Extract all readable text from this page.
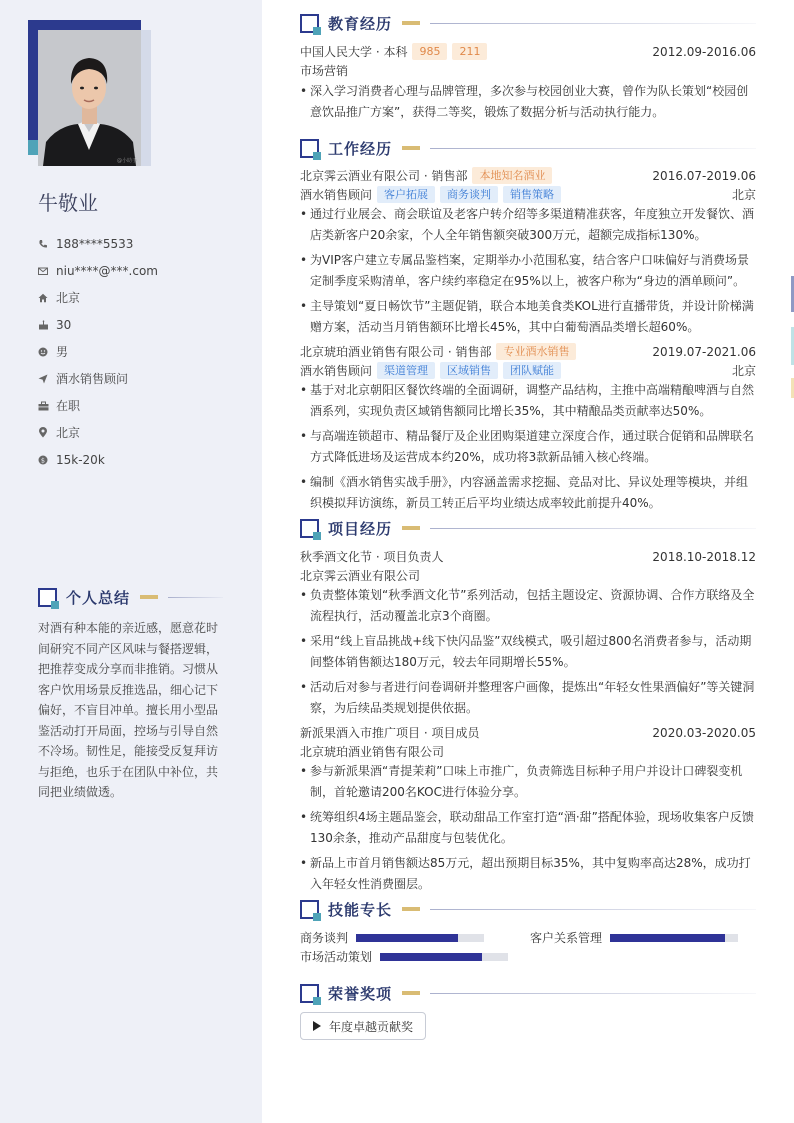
@小助手
牛敬业
188****5533
niu****@***.com
北京
30
男
酒水销售顾问
在职
北京
$ 15k-20k
个人总结
对酒有种本能的亲近感，愿意花时间研究不同产区风味与餐搭逻辑，把推荐变成分享而非推销。习惯从客户饮用场景反推选品，细心记下偏好，不盲目冲单。擅长用小型品鉴活动打开局面，控场与引导自然不冷场。韧性足，能接受反复拜访与拒绝，也乐于在团队中补位，共同把业绩做透。
教育经历
中国人民大学 · 本科	985	211	2012.09-2016.06
市场营销
• 深入学习消费者心理与品牌管理，多次参与校园创业大赛，曾作为队长策划“校园创意饮品推广方案”，获得二等奖，锻炼了数据分析与活动执行能力。
工作经历
北京霁云酒业有限公司 · 销售部	本地知名酒业	2016.07-2019.06
酒水销售顾问	客户拓展	商务谈判	销售策略	北京
• 通过行业展会、商会联谊及老客户转介绍等多渠道精准获客，年度独立开发餐饮、酒店类新客户20余家，个人全年销售额突破300万元，超额完成指标130%。
• 为VIP客户建立专属品鉴档案，定期举办小范围私宴，结合客户口味偏好与消费场景定制季度采购清单，客户续约率稳定在95%以上，被客户称为“身边的酒单顾问”。
• 主导策划“夏日畅饮节”主题促销，联合本地美食类KOL进行直播带货，并设计阶梯满赠方案，活动当月销售额环比增长45%，其中白葡萄酒品类增长超60%。
北京琥珀酒业销售有限公司 · 销售部	专业酒水销售	2019.07-2021.06
酒水销售顾问	渠道管理	区域销售	团队赋能	北京
• 基于对北京朝阳区餐饮终端的全面调研，调整产品结构，主推中高端精酿啤酒与自然酒系列，实现负责区域销售额同比增长35%，其中精酿品类贡献率达50%。
• 与高端连锁超市、精品餐厅及企业团购渠道建立深度合作，通过联合促销和品牌联名方式降低进场及运营成本约20%，成功将3款新品铺入核心终端。
• 编制《酒水销售实战手册》，内容涵盖需求挖掘、竞品对比、异议处理等模块，并组织模拟拜访演练，新员工转正后平均业绩达成率较此前提升40%。
项目经历
秋季酒文化节 · 项目负责人	2018.10-2018.12
北京霁云酒业有限公司
• 负责整体策划“秋季酒文化节”系列活动，包括主题设定、资源协调、合作方联络及全流程执行，活动覆盖北京3个商圈。
• 采用“线上盲品挑战+线下快闪品鉴”双线模式，吸引超过800名消费者参与，活动期间整体销售额达180万元，较去年同期增长55%。
• 活动后对参与者进行问卷调研并整理客户画像，提炼出“年轻女性果酒偏好”等关键洞察，为后续品类规划提供依据。
新派果酒入市推广项目 · 项目成员	2020.03-2020.05
北京琥珀酒业销售有限公司
• 参与新派果酒“青提茉莉”口味上市推广，负责筛选目标种子用户并设计口碑裂变机制，首轮邀请200名KOC进行体验分享。
• 统筹组织4场主题品鉴会，联动甜品工作室打造“酒·甜”搭配体验，现场收集客户反馈130余条，推动产品甜度与包装优化。
• 新品上市首月销售额达85万元，超出预期目标35%，其中复购率高达28%，成功打入年轻女性消费圈层。
技能专长
商务谈判	客户关系管理
市场活动策划
荣誉奖项
年度卓越贡献奖
